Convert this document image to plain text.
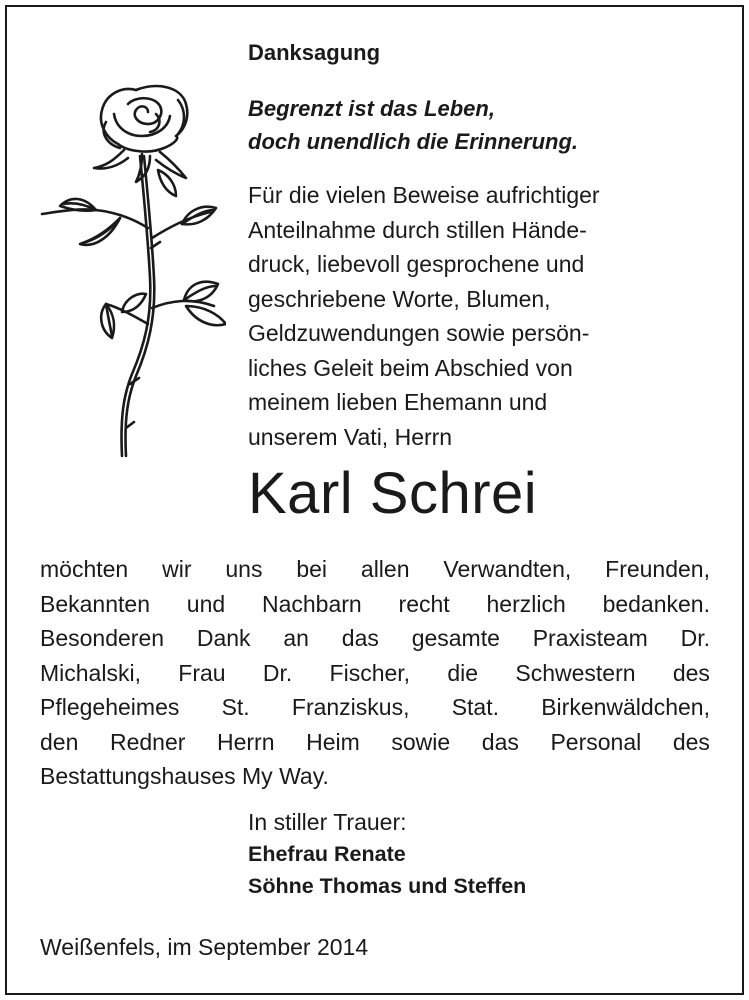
Danksagung
Begrenzt ist das Leben,
doch unendlich die Erinnerung.
Für die vielen Beweise aufrichtiger
Anteilnahme durch stillen Hände-
druck, liebevoll gesprochene und
geschriebene Worte, Blumen,
Geldzuwendungen sowie persön-
liches Geleit beim Abschied von
meinem lieben Ehemann und
unserem Vati, Herrn
Karl Schrei
möchten wir uns bei allen Verwandten, Freunden,
Bekannten und Nachbarn recht herzlich bedanken.
Besonderen Dank an das gesamte Praxisteam Dr.
Michalski, Frau Dr. Fischer, die Schwestern des
Pflegeheimes St. Franziskus, Stat. Birkenwäldchen,
den Redner Herrn Heim sowie das Personal des
Bestattungshauses My Way.
In stiller Trauer:
Ehefrau Renate
Söhne Thomas und Steffen
Weißenfels, im September 2014
